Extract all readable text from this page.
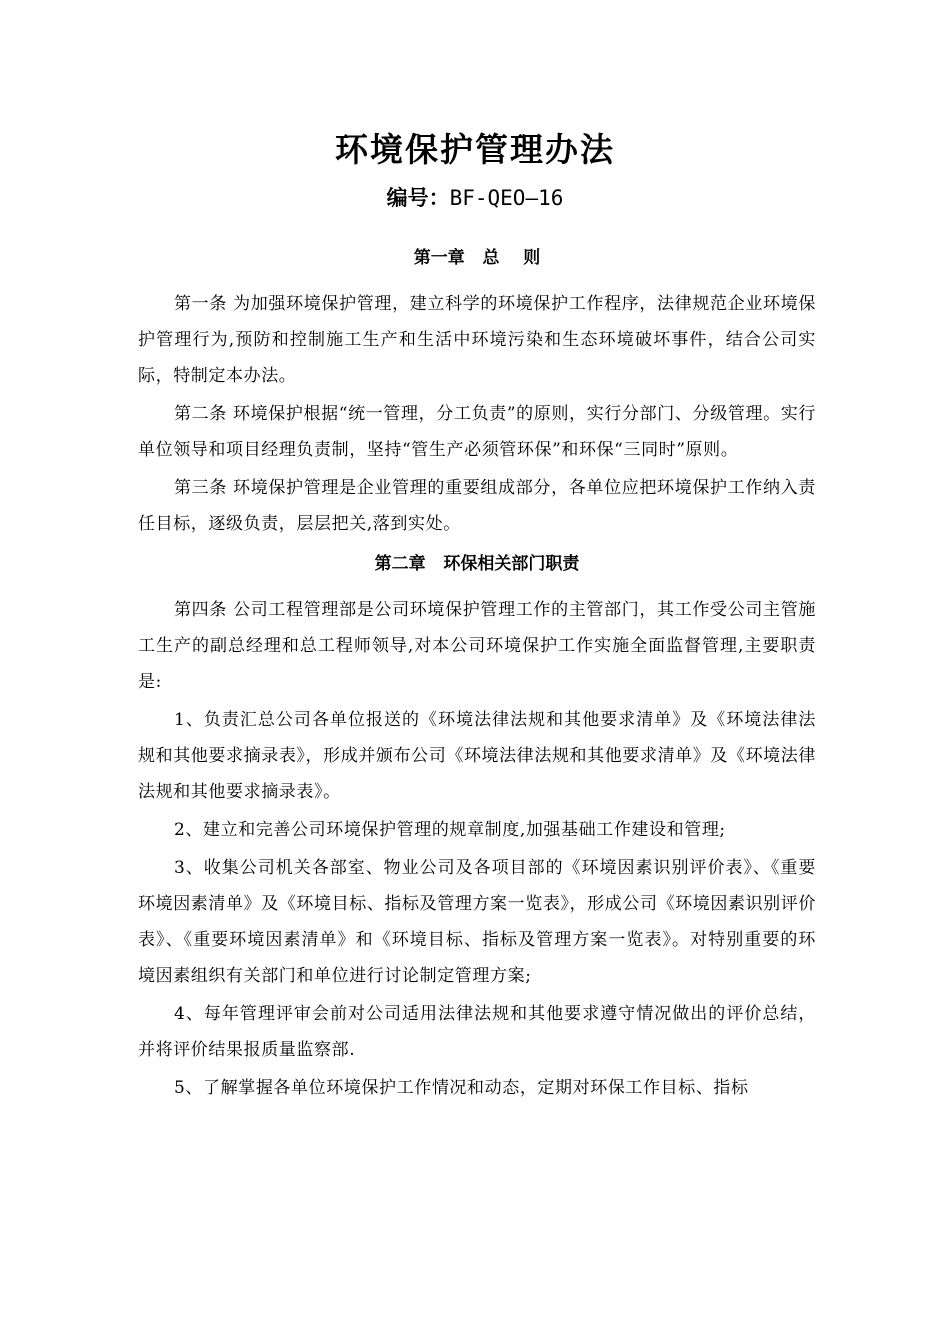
环境保护管理办法
编号：BF-QEO—16
第一章   总    则

第一条 为加强环境保护管理，建立科学的环境保护工作程序，法律规范企业环境保护管理行为,预防和控制施工生产和生活中环境污染和生态环境破坏事件，结合公司实际，特制定本办法。

第二条 环境保护根据“统一管理，分工负责”的原则，实行分部门、分级管理。实行单位领导和项目经理负责制，坚持“管生产必须管环保”和环保“三同时”原则。

第三条 环境保护管理是企业管理的重要组成部分，各单位应把环境保护工作纳入责任目标，逐级负责，层层把关,落到实处。

第二章   环保相关部门职责

第四条 公司工程管理部是公司环境保护管理工作的主管部门，其工作受公司主管施工生产的副总经理和总工程师领导,对本公司环境保护工作实施全面监督管理,主要职责是:

1、负责汇总公司各单位报送的《环境法律法规和其他要求清单》及《环境法律法规和其他要求摘录表》，形成并颁布公司《环境法律法规和其他要求清单》及《环境法律法规和其他要求摘录表》。

2、建立和完善公司环境保护管理的规章制度,加强基础工作建设和管理;

3、收集公司机关各部室、物业公司及各项目部的《环境因素识别评价表》、《重要环境因素清单》及《环境目标、指标及管理方案一览表》，形成公司《环境因素识别评价表》、《重要环境因素清单》和《环境目标、指标及管理方案一览表》。对特别重要的环境因素组织有关部门和单位进行讨论制定管理方案;

4、每年管理评审会前对公司适用法律法规和其他要求遵守情况做出的评价总结，并将评价结果报质量监察部.

5、了解掌握各单位环境保护工作情况和动态，定期对环保工作目标、指标
